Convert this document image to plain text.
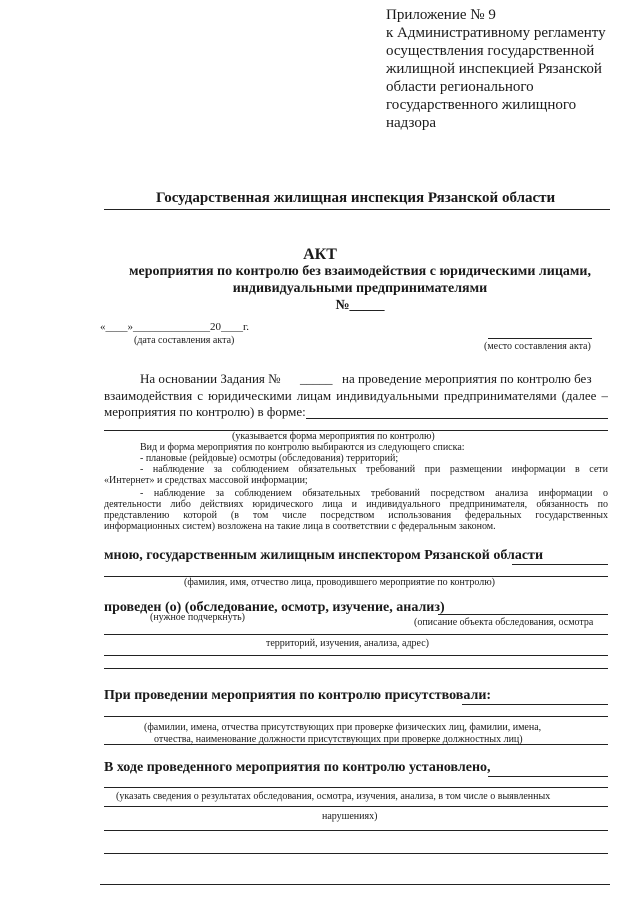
Приложение № 9
к Административному регламенту
осуществления государственной
жилищной инспекцией Рязанской
области регионального
государственного жилищного
надзора
Государственная жилищная инспекция Рязанской области
АКТ
мероприятия по контролю без взаимодействия с юридическими лицами,
индивидуальными предпринимателями
№_____
«____»______________20____г.
(дата составления акта)
(место составления акта)
На основании Задания № _____ на проведение мероприятия по контролю без
взаимодействия с юридическими лицам индивидуальными предпринимателями (далее –
мероприятия по контролю) в форме:
(указывается форма мероприятия по контролю)
Вид и форма мероприятия по контролю выбираются из следующего списка:
- плановые (рейдовые) осмотры (обследования) территорий;
- наблюдение за соблюдением обязательных требований при размещении информации в сети
«Интернет» и средствах массовой информации;
- наблюдение за соблюдением обязательных требований посредством анализа информации о
деятельности либо действиях юридического лица и индивидуального предпринимателя, обязанность по
представлению которой (в том числе посредством использования федеральных государственных
информационных систем) возложена на такие лица в соответствии с федеральным законом.
мною, государственным жилищным инспектором Рязанской области
(фамилия, имя, отчество лица, проводившего мероприятие по контролю)
проведен (о) (обследование, осмотр, изучение, анализ)
(нужное подчеркнуть)	(описание объекта обследования, осмотра
территорий, изучения, анализа, адрес)
При проведении мероприятия по контролю присутствовали:
(фамилии, имена, отчества присутствующих при проверке физических лиц, фамилии, имена,
отчества, наименование должности присутствующих при проверке должностных лиц)
В ходе проведенного мероприятия по контролю установлено,
(указать сведения о результатах обследования, осмотра, изучения, анализа, в том числе о выявленных
нарушениях)
